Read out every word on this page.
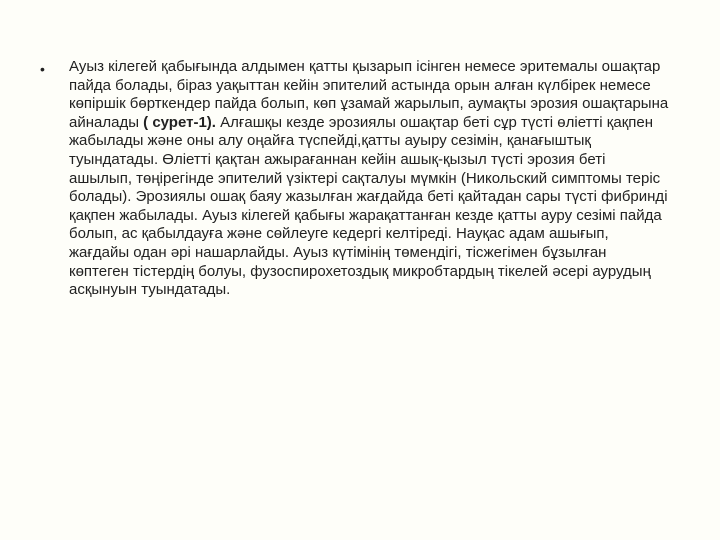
• Ауыз кілегей қабығында алдымен қатты қызарып ісінген немесе эритемалы ошақтар пайда болады, біраз уақыттан кейін эпителий астында орын алған күлбірек немесе көпіршік бөрткендер пайда болып, көп ұзамай жарылып, аумақты эрозия ошақтарына айналады ( сурет-1). Алғашқы кезде эрозиялы ошақтар беті сұр түсті өліетті қақпен жабылады және оны алу оңайға түспейді,қатты ауыру сезімін, қанағыштық туындатады. Өліетті қақтан ажырағаннан кейін ашық-қызыл түсті эрозия беті ашылып, төңірегінде эпителий үзіктері сақталуы мүмкін (Никольский симптомы теріс болады). Эрозиялы ошақ баяу жазылған жағдайда беті қайтадан сары түсті фибринді қақпен жабылады. Ауыз кілегей қабығы жарақаттанған кезде қатты ауру сезімі пайда болып, ас қабылдауға және сөйлеуге кедергі келтіреді. Науқас адам ашығып, жағдайы одан әрі нашарлайды. Ауыз күтімінің төмендігі, тісжегімен бұзылған көптеген тістердің болуы, фузоспирохетоздық микробтардың тікелей әсері аурудың асқынуын туындатады.
